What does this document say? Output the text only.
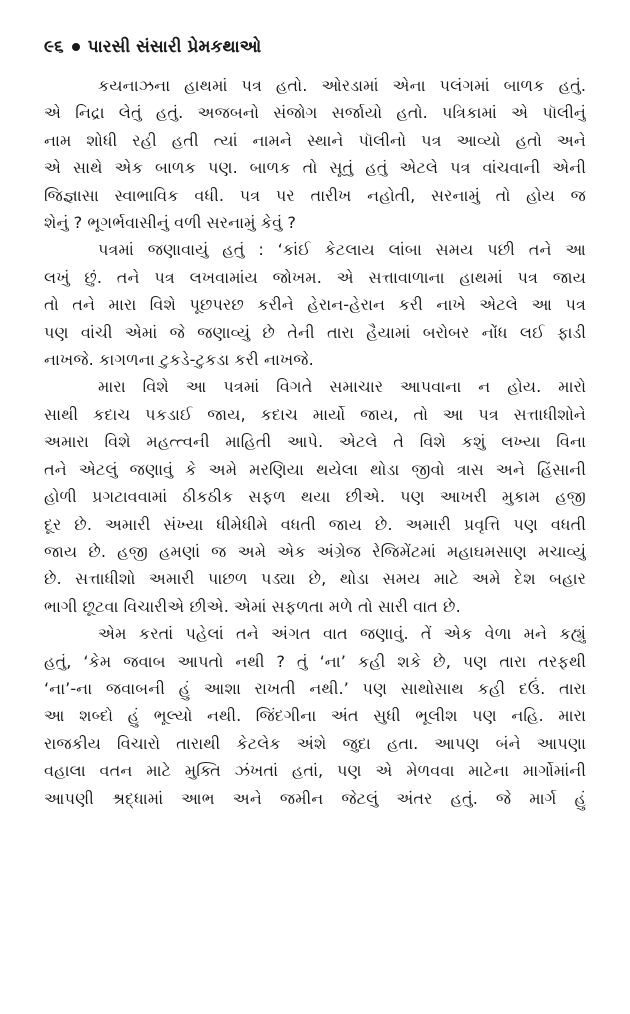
૯૬ પારસી સંસારી પ્રેમકથાઓ

કયનાઝના હાથમાં પત્ર હતો. ઓરડામાં એના પલંગમાં બાળક હતું.
એ નિદ્રા લેતું હતું. અજબનો સંજોગ સર્જાયો હતો. પત્રિકામાં એ પૉલીનું
નામ શોધી રહી હતી ત્યાં નામને સ્થાને પૉલીનો પત્ર આવ્યો હતો અને
એ સાથે એક બાળક પણ. બાળક તો સૂતું હતું એટલે પત્ર વાંચવાની એની
જિજ્ઞાસા સ્વાભાવિક વધી. પત્ર પર તારીખ નહોતી, સરનામું તો હોય જ
શેનું ? ભૂગર્ભવાસીનું વળી સરનામું કેવું ?

પત્રમાં જણાવાયું હતું : ‘કાંઈ કેટલાય લાંબા સમય પછી તને આ
લખું છું. તને પત્ર લખવામાંય જોખમ. એ સત્તાવાળાના હાથમાં પત્ર જાય
તો તને મારા વિશે પૂછપરછ કરીને હેરાન-હેરાન કરી નાખે એટલે આ પત્ર
પણ વાંચી એમાં જે જણાવ્યું છે તેની તારા હૈયામાં બરોબર નોંધ લઈ ફાડી
નાખજે. કાગળના ટુકડે-ટુકડા કરી નાખજે.

મારા વિશે આ પત્રમાં વિગતે સમાચાર આપવાના ન હોય. મારો
સાથી કદાચ પકડાઈ જાય, કદાચ માર્યો જાય, તો આ પત્ર સત્તાધીશોને
અમારા વિશે મહત્ત્વની માહિતી આપે. એટલે તે વિશે કશું લખ્યા વિના
તને એટલું જણાવું કે અમે મરણિયા થયેલા થોડા જીવો ત્રાસ અને હિંસાની
હોળી પ્રગટાવવામાં ઠીકઠીક સફળ થયા છીએ. પણ આખરી મુકામ હજી
દૂર છે. અમારી સંખ્યા ધીમેધીમે વધતી જાય છે. અમારી પ્રવૃત્તિ પણ વધતી
જાય છે. હજી હમણાં જ અમે એક અંગ્રેજ રેજિમેંટમાં મહાઘમસાણ મચાવ્યું
છે. સત્તાધીશો અમારી પાછળ પડ્યા છે, થોડા સમય માટે અમે દેશ બહાર
ભાગી છૂટવા વિચારીએ છીએ. એમાં સફળતા મળે તો સારી વાત છે.

એમ કરતાં પહેલાં તને અંગત વાત જણાવું. તેં એક વેળા મને કહ્યું
હતું, ‘કેમ જવાબ આપતો નથી ? તું ‘ના’ કહી શકે છે, પણ તારા તરફથી
‘ના’-ના જવાબની હું આશા રાખતી નથી.’ પણ સાથોસાથ કહી દઉં. તારા
આ શબ્દો હું ભૂલ્યો નથી. જિંદગીના અંત સુધી ભૂલીશ પણ નહિ. મારા
રાજકીય વિચારો તારાથી કેટલેક અંશે જુદા હતા. આપણ બંને આપણા
વહાલા વતન માટે મુક્તિ ઝંખતાં હતાં, પણ એ મેળવવા માટેના માર્ગોમાંની
આપણી શ્રદ્ધામાં આભ અને જમીન જેટલું અંતર હતું. જે માર્ગ હું
